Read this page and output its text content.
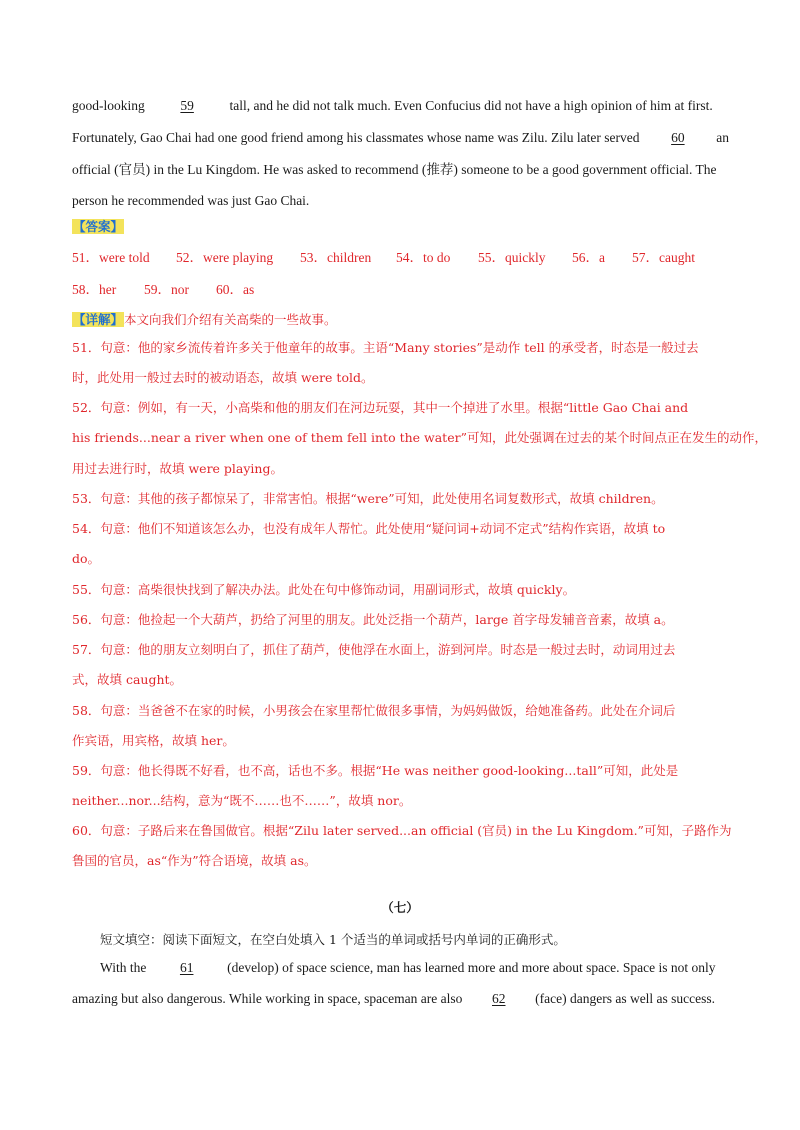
good-looking	59	tall, and he did not talk much. Even Confucius did not have a high opinion of him at first.
Fortunately, Gao Chai had one good friend among his classmates whose name was Zilu. Zilu later served 60 an
official (官员) in the Lu Kingdom. He was asked to recommend (推荐) someone to be a good government official. The
person he recommended was just Gao Chai.
【答案】
51．were told 52．were playing 53．children 54．to do 55．quickly 56．a 57．caught
58．her 59．nor 60．as
【详解】本文向我们介绍有关高柴的一些故事。
51．句意：他的家乡流传着许多关于他童年的故事。主语“Many stories”是动作 tell 的承受者，时态是一般过去
时，此处用一般过去时的被动语态，故填 were told。
52．句意：例如，有一天，小高柴和他的朋友们在河边玩耍，其中一个掉进了水里。根据“little Gao Chai and
his friends...near a river when one of them fell into the water”可知，此处强调在过去的某个时间点正在发生的动作，
用过去进行时，故填 were playing。
53．句意：其他的孩子都惊呆了，非常害怕。根据“were”可知，此处使用名词复数形式，故填 children。
54．句意：他们不知道该怎么办，也没有成年人帮忙。此处使用“疑问词+动词不定式”结构作宾语，故填 to
do。
55．句意：高柴很快找到了解决办法。此处在句中修饰动词，用副词形式，故填 quickly。
56．句意：他捡起一个大葫芦，扔给了河里的朋友。此处泛指一个葫芦，large 首字母发辅音音素，故填 a。
57．句意：他的朋友立刻明白了，抓住了葫芦，使他浮在水面上，游到河岸。时态是一般过去时，动词用过去
式，故填 caught。
58．句意：当爸爸不在家的时候，小男孩会在家里帮忙做很多事情，为妈妈做饭，给她准备药。此处在介词后
作宾语，用宾格，故填 her。
59．句意：他长得既不好看，也不高，话也不多。根据“He was neither good-looking...tall”可知，此处是
neither...nor...结构，意为“既不……也不……”，故填 nor。
60．句意：子路后来在鲁国做官。根据“Zilu later served...an official (官员) in the Lu Kingdom.”可知，子路作为
鲁国的官员，as“作为”符合语境，故填 as。
（七）
短文填空：阅读下面短文，在空白处填入 1 个适当的单词或括号内单词的正确形式。
With the 61 (develop) of space science, man has learned more and more about space. Space is not only
amazing but also dangerous. While working in space, spaceman are also 62 (face) dangers as well as success.
